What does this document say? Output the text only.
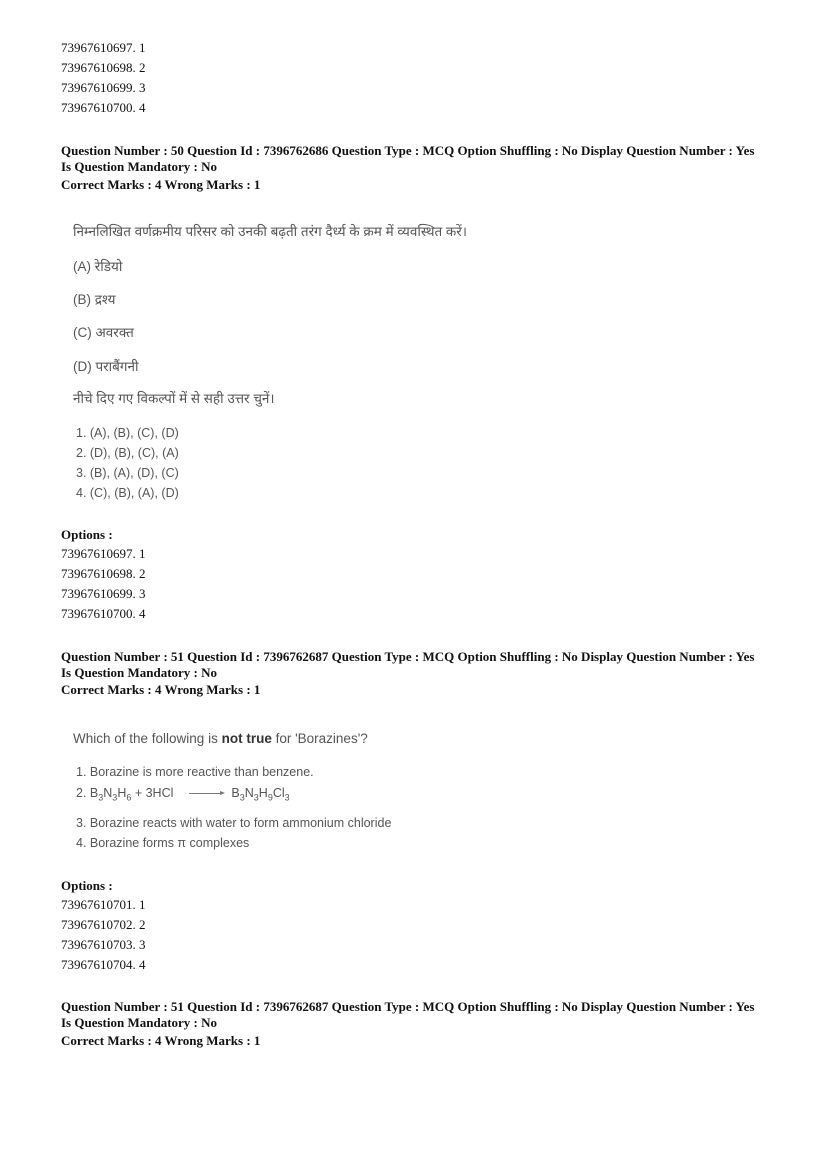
73967610697. 1
73967610698. 2
73967610699. 3
73967610700. 4
Question Number : 50 Question Id : 7396762686 Question Type : MCQ Option Shuffling : No Display Question Number : Yes
Is Question Mandatory : No
Correct Marks : 4 Wrong Marks : 1
निम्नलिखित वर्णक्रमीय परिसर को उनकी बढ़ती तरंग दैर्ध्य के क्रम में व्यवस्थित करें।
(A) रेडियो
(B) द्रश्य
(C) अवरक्त
(D) पराबैंगनी
नीचे दिए गए विकल्पों में से सही उत्तर चुनें।
1. (A), (B), (C), (D)
2. (D), (B), (C), (A)
3. (B), (A), (D), (C)
4. (C), (B), (A), (D)
Options :
73967610697. 1
73967610698. 2
73967610699. 3
73967610700. 4
Question Number : 51 Question Id : 7396762687 Question Type : MCQ Option Shuffling : No Display Question Number : Yes
Is Question Mandatory : No
Correct Marks : 4 Wrong Marks : 1
Which of the following is not true for 'Borazines'?
1. Borazine is more reactive than benzene.
2. $B_3N_3H_6 + 3HCl \to B_3N_3H_9Cl_3$
3. Borazine reacts with water to form ammonium chloride
4. Borazine forms π complexes
Options :
73967610701. 1
73967610702. 2
73967610703. 3
73967610704. 4
Question Number : 51 Question Id : 7396762687 Question Type : MCQ Option Shuffling : No Display Question Number : Yes
Is Question Mandatory : No
Correct Marks : 4 Wrong Marks : 1
